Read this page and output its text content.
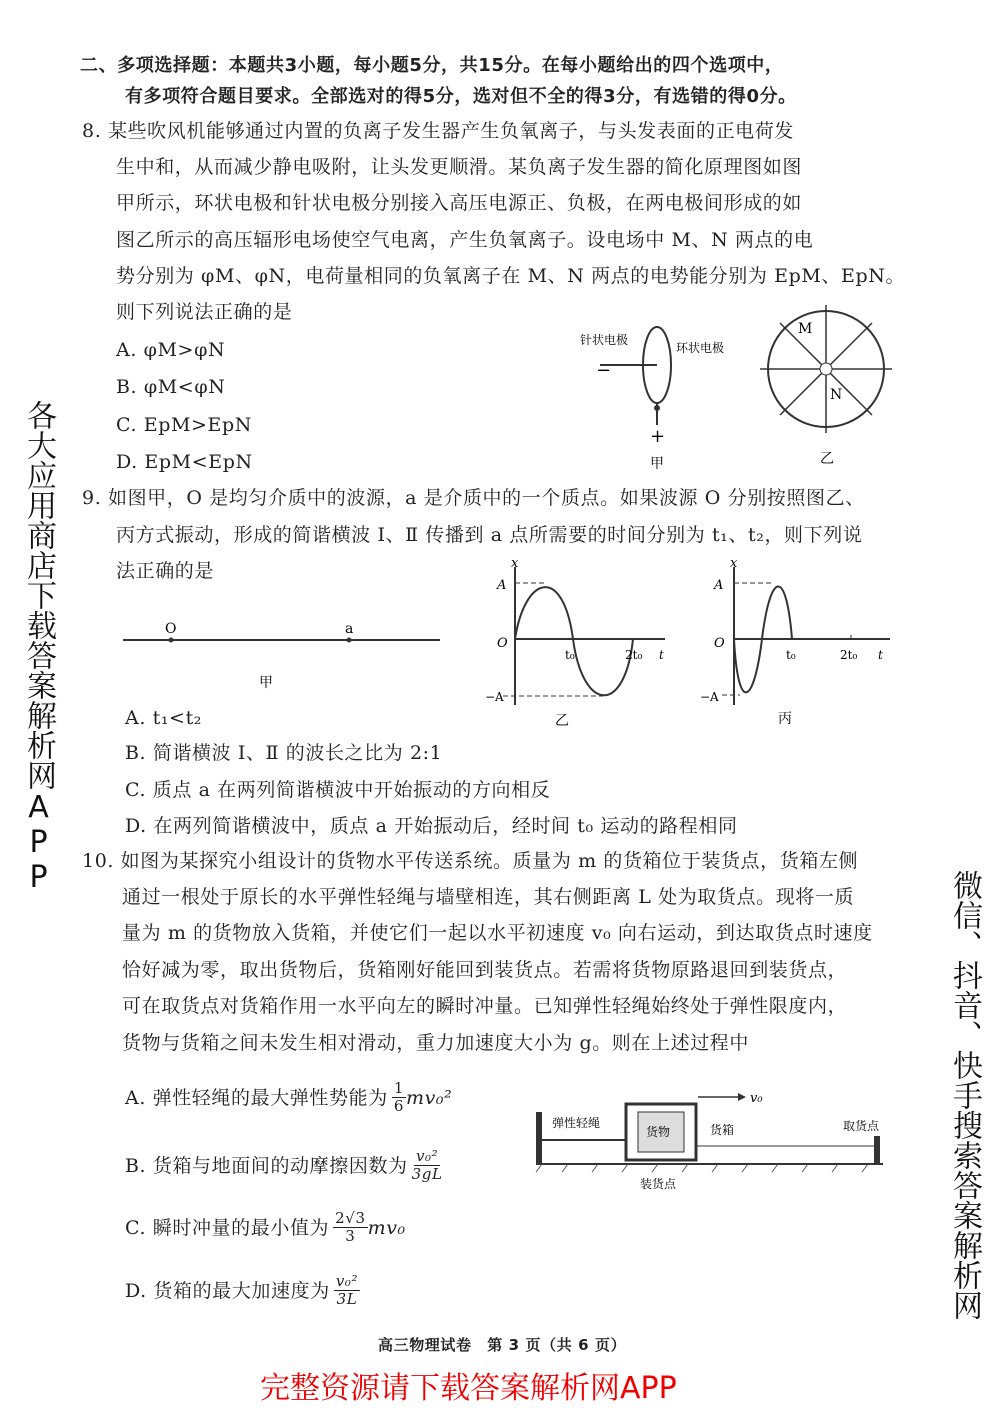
二、多项选择题：本题共3小题，每小题5分，共15分。在每小题给出的四个选项中，
有多项符合题目要求。全部选对的得5分，选对但不全的得3分，有选错的得0分。
8. 某些吹风机能够通过内置的负离子发生器产生负氧离子，与头发表面的正电荷发
生中和，从而减少静电吸附，让头发更顺滑。某负离子发生器的简化原理图如图
甲所示，环状电极和针状电极分别接入高压电源正、负极，在两电极间形成的如
图乙所示的高压辐形电场使空气电离，产生负氧离子。设电场中 M、N 两点的电
势分别为 φM、φN，电荷量相同的负氧离子在 M、N 两点的电势能分别为 EpM、EpN。
则下列说法正确的是
A. φM>φN
B. φM<φN
C. EpM>EpN
D. EpM<EpN
针状电极
环状电极
−
+
甲
M
N
乙
9. 如图甲，O 是均匀介质中的波源，a 是介质中的一个质点。如果波源 O 分别按照图乙、
丙方式振动，形成的简谐横波 Ⅰ、Ⅱ 传播到 a 点所需要的时间分别为 t₁、t₂，则下列说
法正确的是
O	a
甲
x
A
O
t₀	2t₀ t
−A
乙
x
A
O
t₀	2t₀ t
−A
丙
A. t₁<t₂
B. 简谐横波 Ⅰ、Ⅱ 的波长之比为 2:1
C. 质点 a 在两列简谐横波中开始振动的方向相反
D. 在两列简谐横波中，质点 a 开始振动后，经时间 t₀ 运动的路程相同
10. 如图为某探究小组设计的货物水平传送系统。质量为 m 的货箱位于装货点，货箱左侧
通过一根处于原长的水平弹性轻绳与墙壁相连，其右侧距离 L 处为取货点。现将一质
量为 m 的货物放入货箱，并使它们一起以水平初速度 v₀ 向右运动，到达取货点时速度
恰好减为零，取出货物后，货箱刚好能回到装货点。若需将货物原路退回到装货点，
可在取货点对货箱作用一水平向左的瞬时冲量。已知弹性轻绳始终处于弹性限度内，
货物与货箱之间未发生相对滑动，重力加速度大小为 g。则在上述过程中
A. 弹性轻绳的最大弹性势能为 1
6 mv₀²
B. 货箱与地面间的动摩擦因数为 v₀²
3gL
C. 瞬时冲量的最小值为 2√3
3 mv₀
D. 货箱的最大加速度为 v₀²
3L
弹性轻绳
货物	货箱
v₀
取货点
装货点
高三物理试卷　第 3 页（共 6 页）
各大应用商店下载答案解析网APP
完整资源请下载答案解析网APP
微信、抖音、快手搜索答案解析网
